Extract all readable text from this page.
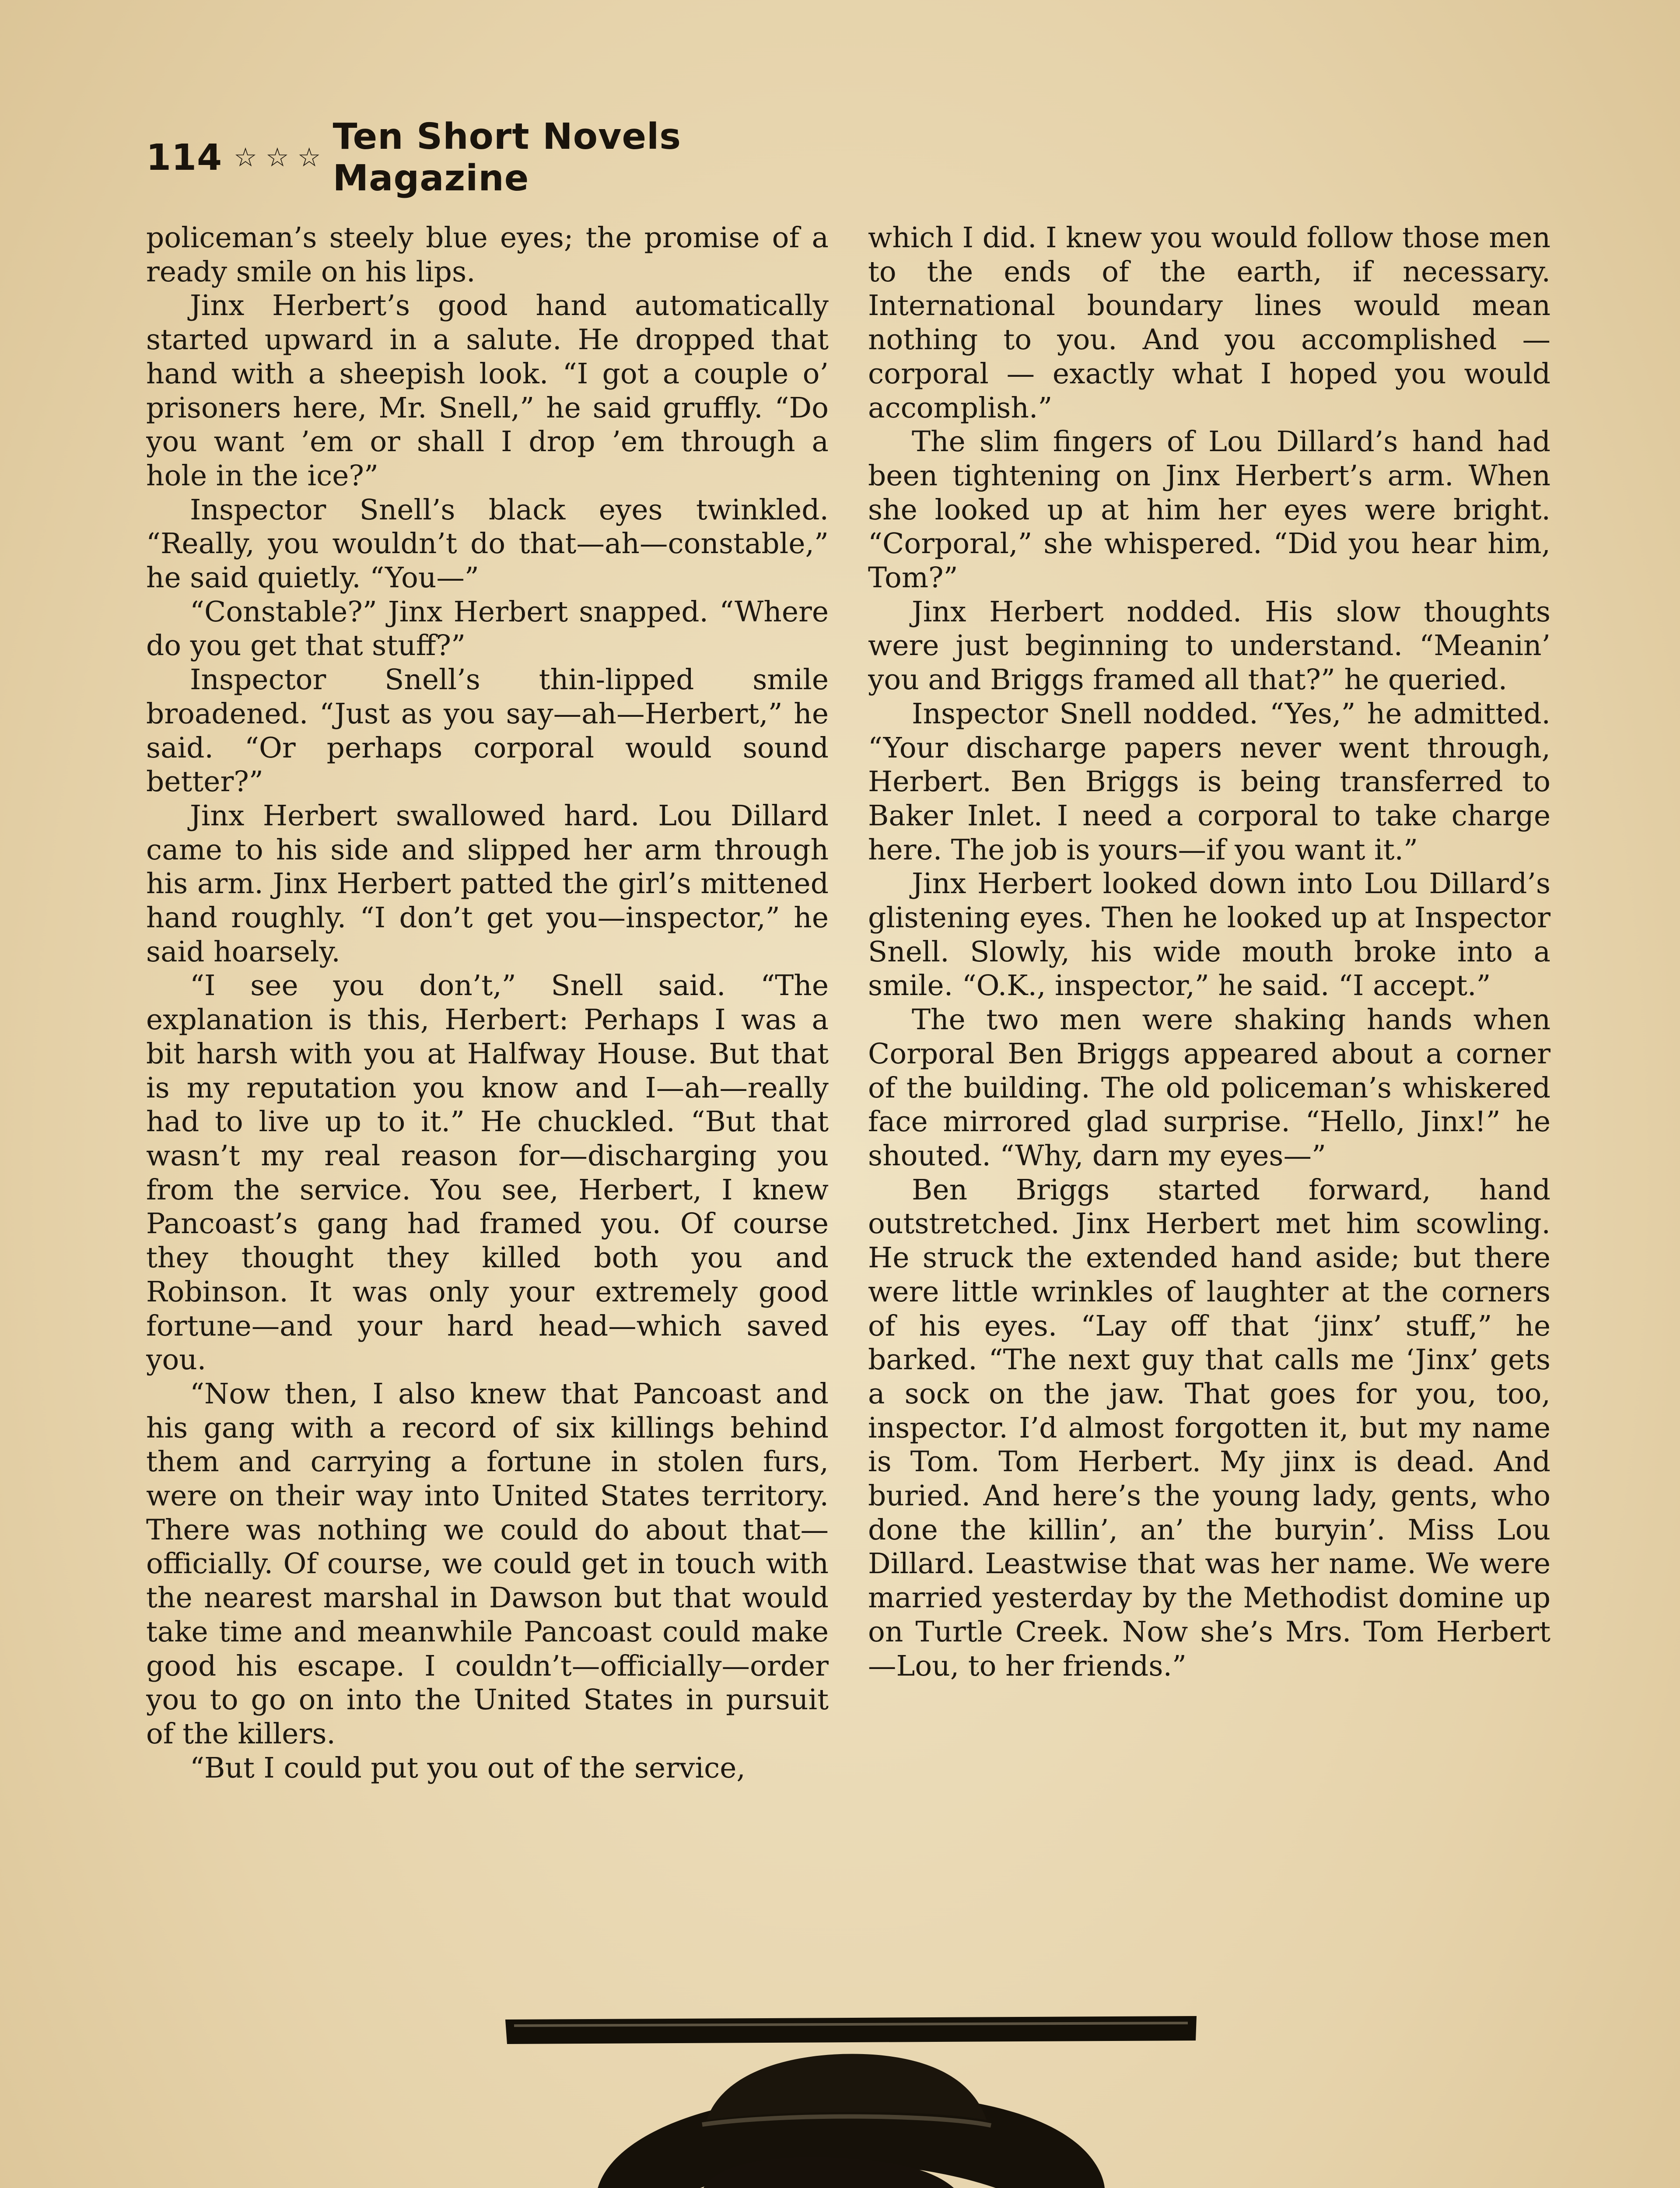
114 ☆ ☆ ☆ Ten Short Novels Magazine

policeman’s steely blue eyes; the promise of a ready smile on his lips.

Jinx Herbert’s good hand automatically started upward in a salute. He dropped that hand with a sheepish look. “I got a couple o’ prisoners here, Mr. Snell,” he said gruffly. “Do you want ’em or shall I drop ’em through a hole in the ice?”

Inspector Snell’s black eyes twinkled. “Really, you wouldn’t do that—ah—constable,” he said quietly. “You—”

“Constable?” Jinx Herbert snapped. “Where do you get that stuff?”

Inspector Snell’s thin-lipped smile broadened. “Just as you say—ah—Herbert,” he said. “Or perhaps corporal would sound better?”

Jinx Herbert swallowed hard. Lou Dillard came to his side and slipped her arm through his arm. Jinx Herbert patted the girl’s mittened hand roughly. “I don’t get you—inspector,” he said hoarsely.

“I see you don’t,” Snell said. “The explanation is this, Herbert: Perhaps I was a bit harsh with you at Halfway House. But that is my reputation you know and I—ah—really had to live up to it.” He chuckled. “But that wasn’t my real reason for—discharging you from the service. You see, Herbert, I knew Pancoast’s gang had framed you. Of course they thought they killed both you and Robinson. It was only your extremely good fortune—and your hard head—which saved you.

“Now then, I also knew that Pancoast and his gang with a record of six killings behind them and carrying a fortune in stolen furs, were on their way into United States territory. There was nothing we could do about that—officially. Of course, we could get in touch with the nearest marshal in Dawson but that would take time and meanwhile Pancoast could make good his escape. I couldn’t—officially—order you to go on into the United States in pursuit of the killers.

“But I could put you out of the service,

which I did. I knew you would follow those men to the ends of the earth, if necessary. International boundary lines would mean nothing to you. And you accomplished — corporal — exactly what I hoped you would accomplish.”

The slim fingers of Lou Dillard’s hand had been tightening on Jinx Herbert’s arm. When she looked up at him her eyes were bright. “Corporal,” she whispered. “Did you hear him, Tom?”

Jinx Herbert nodded. His slow thoughts were just beginning to understand. “Meanin’ you and Briggs framed all that?” he queried.

Inspector Snell nodded. “Yes,” he admitted. “Your discharge papers never went through, Herbert. Ben Briggs is being transferred to Baker Inlet. I need a corporal to take charge here. The job is yours—if you want it.”

Jinx Herbert looked down into Lou Dillard’s glistening eyes. Then he looked up at Inspector Snell. Slowly, his wide mouth broke into a smile. “O.K., inspector,” he said. “I accept.”

The two men were shaking hands when Corporal Ben Briggs appeared about a corner of the building. The old policeman’s whiskered face mirrored glad surprise. “Hello, Jinx!” he shouted. “Why, darn my eyes—”

Ben Briggs started forward, hand outstretched. Jinx Herbert met him scowling. He struck the extended hand aside; but there were little wrinkles of laughter at the corners of his eyes. “Lay off that ‘jinx’ stuff,” he barked. “The next guy that calls me ‘Jinx’ gets a sock on the jaw. That goes for you, too, inspector. I’d almost forgotten it, but my name is Tom. Tom Herbert. My jinx is dead. And buried. And here’s the young lady, gents, who done the killin’, an’ the buryin’. Miss Lou Dillard. Leastwise that was her name. We were married yesterday by the Methodist domine up on Turtle Creek. Now she’s Mrs. Tom Herbert—Lou, to her friends.”
